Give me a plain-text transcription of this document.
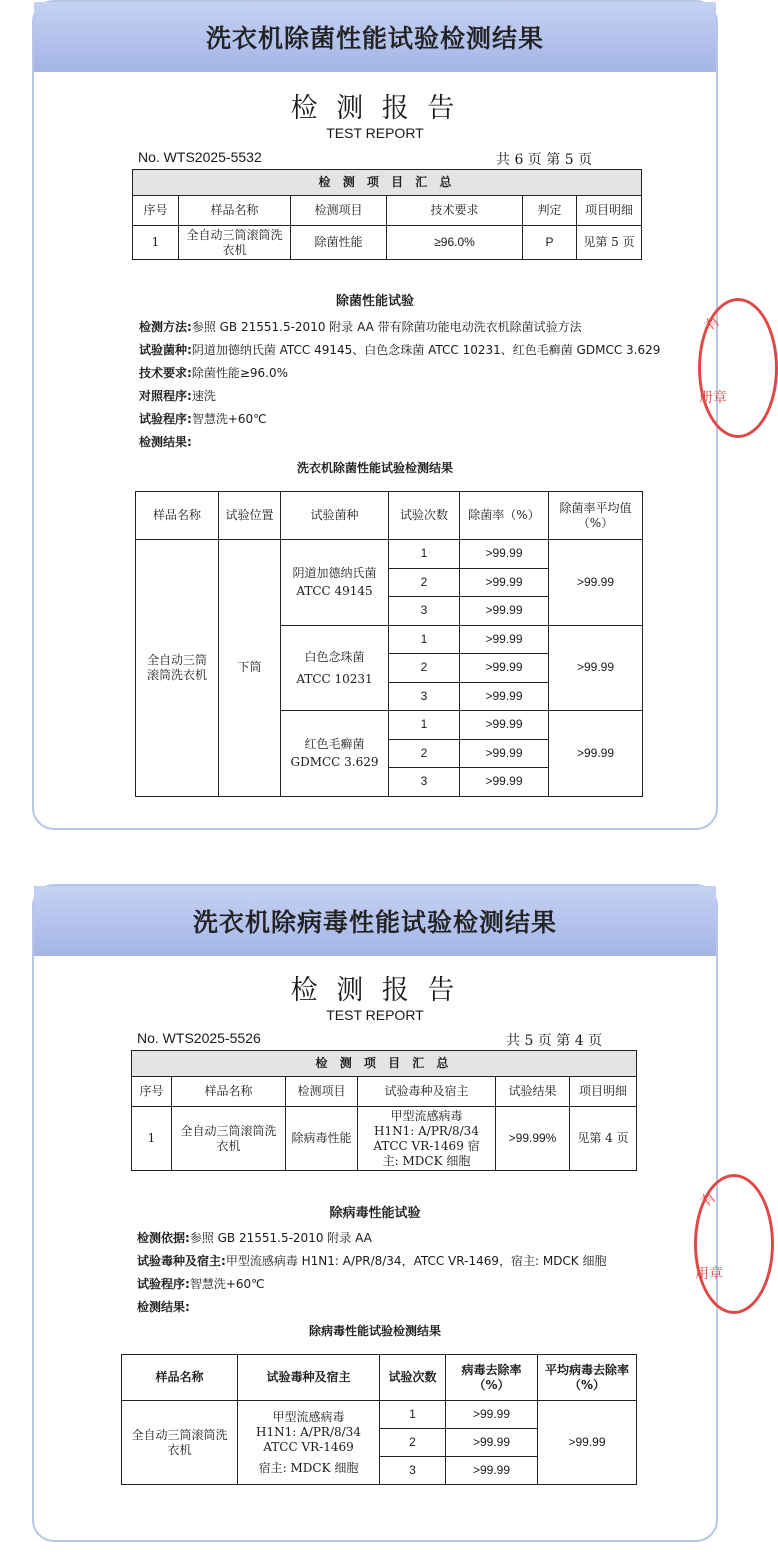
洗衣机除菌性能试验检测结果
检 测 报 告
TEST REPORT
No. WTS2025-5532	共 6 页 第 5 页
检 测 项 目 汇 总					
序号	样品名称	检测项目	技术要求	判定	项目明细
1	全自动三筒滚筒洗衣机	除菌性能	≥96.0%	P	见第 5 页
除菌性能试验
检测方法:参照 GB 21551.5-2010 附录 AA 带有除菌功能电动洗衣机除菌试验方法
试验菌种:阴道加德纳氏菌 ATCC 49145、白色念珠菌 ATCC 10231、红色毛癣菌 GDMCC 3.629
技术要求:除菌性能≥96.0%
对照程序:速洗
试验程序:智慧洗+60℃
检测结果:
洗衣机除菌性能试验检测结果
样品名称	试验位置	试验菌种	试验次数	除菌率（%）	除菌率平均值（%）
全自动三筒滚筒洗衣机	下筒	阴道加德纳氏菌 ATCC 49145	1	>99.99	>99.99
			2	>99.99	
			3	>99.99	
		白色念珠菌 ATCC 10231	1	>99.99	>99.99
			2	>99.99	
			3	>99.99	
		红色毛癣菌 GDMCC 3.629	1	>99.99	>99.99
			2	>99.99	
			3	>99.99	
有
册章
洗衣机除病毒性能试验检测结果
检 测 报 告
TEST REPORT
No. WTS2025-5526	共 5 页 第 4 页
检 测 项 目 汇 总					
序号	样品名称	检测项目	试验毒种及宿主	试验结果	项目明细
1	全自动三筒滚筒洗衣机	除病毒性能	甲型流感病毒 H1N1: A/PR/8/34 ATCC VR-1469 宿主: MDCK 细胞	>99.99%	见第 4 页
除病毒性能试验
检测依据:参照 GB 21551.5-2010 附录 AA
试验毒种及宿主:甲型流感病毒 H1N1: A/PR/8/34，ATCC VR-1469，宿主: MDCK 细胞
试验程序:智慧洗+60℃
检测结果:
除病毒性能试验检测结果
样品名称	试验毒种及宿主	试验次数	病毒去除率（%）	平均病毒去除率（%）
全自动三筒滚筒洗衣机	甲型流感病毒 H1N1: A/PR/8/34 ATCC VR-1469
宿主: MDCK 细胞	1	>99.99	>99.99
		2	>99.99	
		3	>99.99	
有
用章
